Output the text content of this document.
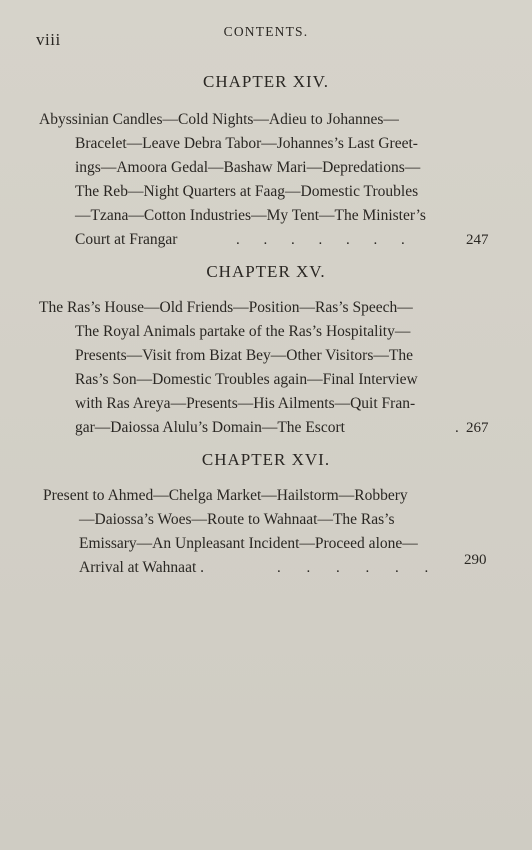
viii	CONTENTS.
CHAPTER XIV.
Abyssinian Candles—Cold Nights—Adieu to Johannes—
Bracelet—Leave Debra Tabor—Johannes’s Last Greet-
ings—Amoora Gedal—Bashaw Mari—Depredations—
The Reb—Night Quarters at Faag—Domestic Troubles
—Tzana—Cotton Industries—My Tent—The Minister’s
Court at Frangar	. . . . . . .	247
CHAPTER XV.
The Ras’s House—Old Friends—Position—Ras’s Speech—
The Royal Animals partake of the Ras’s Hospitality—
Presents—Visit from Bizat Bey—Other Visitors—The
Ras’s Son—Domestic Troubles again—Final Interview
with Ras Areya—Presents—His Ailments—Quit Fran-
gar—Daiossa Alulu’s Domain—The Escort	. 267
CHAPTER XVI.
Present to Ahmed—Chelga Market—Hailstorm—Robbery
—Daiossa’s Woes—Route to Wahnaat—The Ras’s
Emissary—An Unpleasant Incident—Proceed alone—
Arrival at Wahnaat .	. . . . . . 290
